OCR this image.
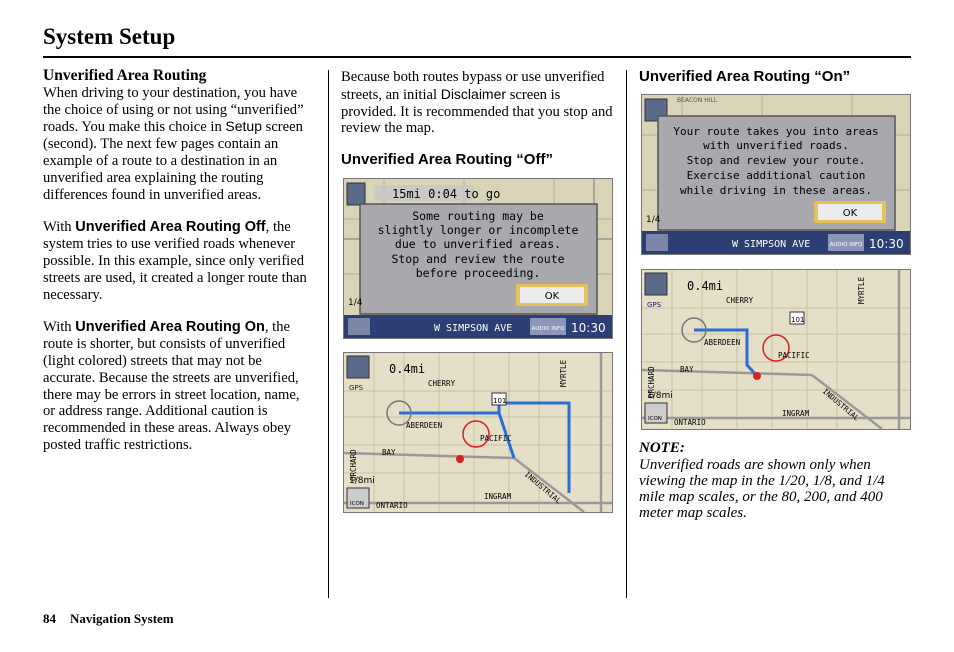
System Setup
Unverified Area Routing

When driving to your destination, you have the choice of using or not using “unverified” roads. You make this choice in Setup screen (second). The next few pages contain an example of a route to a destination in an unverified area explaining the routing differences found in unverified areas.

With Unverified Area Routing Off, the system tries to use verified roads whenever possible. In this example, since only verified streets are used, it created a longer route than necessary.

With Unverified Area Routing On, the route is shorter, but consists of unverified (light colored) streets that may not be accurate. Because the streets are unverified, there may be errors in street location, name, or address range. Additional caution is recommended in these areas. Always obey posted traffic restrictions.

Because both routes bypass or use unverified streets, an initial Disclaimer screen is provided. It is recommended that you stop and review the map.

Unverified Area Routing “Off”
Unverified Area Routing “On”
15mi 0:04 to go
Some routing may be
slightly longer or incomplete
due to unverified areas.
Stop and review the route
before proceeding.
OK
1/4
W SIMPSON AVE	AUDIO INFO 10:30
0.4mi
GPS	CHERRY
ABERDEEN
PACIFIC
BAY
ONTARIO
INGRAM INDUSTRIAL
MYRTLE
ORCHARD
101
1/8mi
ICON
BEACON HILL
Your route takes you into areas
with unverified roads.
Stop and review your route.
Exercise additional caution
while driving in these areas.
OK
1/4
W SIMPSON AVE	AUDIO INFO 10:30
0.4mi
GPS	CHERRY
ABERDEEN
PACIFIC
BAY
ONTARIO
INGRAM INDUSTRIAL
MYRTLE
ORCHARD
101
1/8mi
ICON
NOTE:

Unverified roads are shown only when viewing the map in the 1/20, 1/8, and 1/4 mile map scales, or the 80, 200, and 400 meter map scales.

84 Navigation System
